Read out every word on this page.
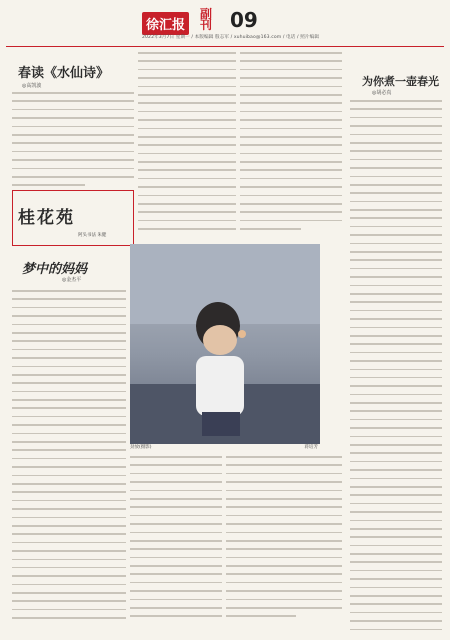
徐汇报
副
刊 09
2022年3月7日 星期一 / 本版编辑 殷志军 / xuhuibao@163.com / 电话 / 照片编辑
春读《水仙诗》
◎高凯波
桂花苑
阿头书法 朱健
为你煮一壶春光
◎胡必真
梦中的妈妈
◎金杰平
劲放(摄影)	蒋培芳
